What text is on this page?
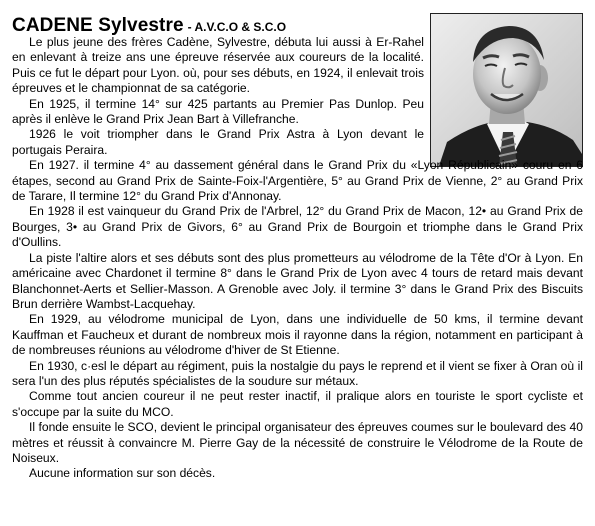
CADENE Sylvestre - A.V.C.O & S.C.O

Le plus jeune des frères Cadène, Sylvestre, débuta lui aussi à Er-Rahel en enlevant à treize ans une épreuve réservée aux coureurs de la localité. Puis ce fut le départ pour Lyon. où, pour ses débuts, en 1924, il enlevait trois épreuves et le championnat de sa catégorie.

En 1925, il termine 14° sur 425 partants au Premier Pas Dunlop. Peu après il enlève le Grand Prix Jean Bart à Villefranche.

1926 le voit triompher dans le Grand Prix Astra à Lyon devant le portugais Peraira.

En 1927. il termine 4° au dassement général dans le Grand Prix du «Lyon Républicain» couru en 6 étapes, second au Grand Prix de Sainte-Foix-l'Argentière, 5° au Grand Prix de Vienne, 2° au Grand Prix de Tarare, Il termine 12° du Grand Prix d'Annonay.

En 1928 il est vainqueur du Grand Prix de l'Arbrel, 12° du Grand Prix de Macon, 12• au Grand Prix de Bourges, 3• au Grand Prix de Givors, 6° au Grand Prix de Bourgoin et triomphe dans le Grand Prix d'Oullins.

La piste l'altire alors et ses débuts sont des plus prometteurs au vélodrome de la Tête d'Or à Lyon. En américaine avec Chardonet il termine 8° dans le Grand Prix de Lyon avec 4 tours de retard mais devant Blanchonnet-Aerts et Sellier-Masson. A Grenoble avec Joly. il termine 3° dans le Grand Prix des Biscuits Brun derrière Wambst-Lacquehay.

En 1929, au vélodrome municipal de Lyon, dans une individuelle de 50 kms, il termine devant Kauffman et Faucheux et durant de nombreux mois il rayonne dans la région, notamment en participant à de nombreuses réunions au vélodrome d'hiver de St Etienne.

En 1930, c·esl le départ au régiment, puis la nostalgie du pays le reprend et il vient se fixer à Oran où il sera l'un des plus réputés spécialistes de la soudure sur métaux.

Comme tout ancien coureur il ne peut rester inactif, il pralique alors en touriste le sport cycliste et s'occupe par la suite du MCO.

Il fonde ensuite le SCO, devient le principal organisateur des épreuves coumes sur le boulevard des 40 mètres et réussit à convaincre M. Pierre Gay de la nécessité de construire le Vélodrome de la Route de Noiseux.

Aucune information sur son décès.
